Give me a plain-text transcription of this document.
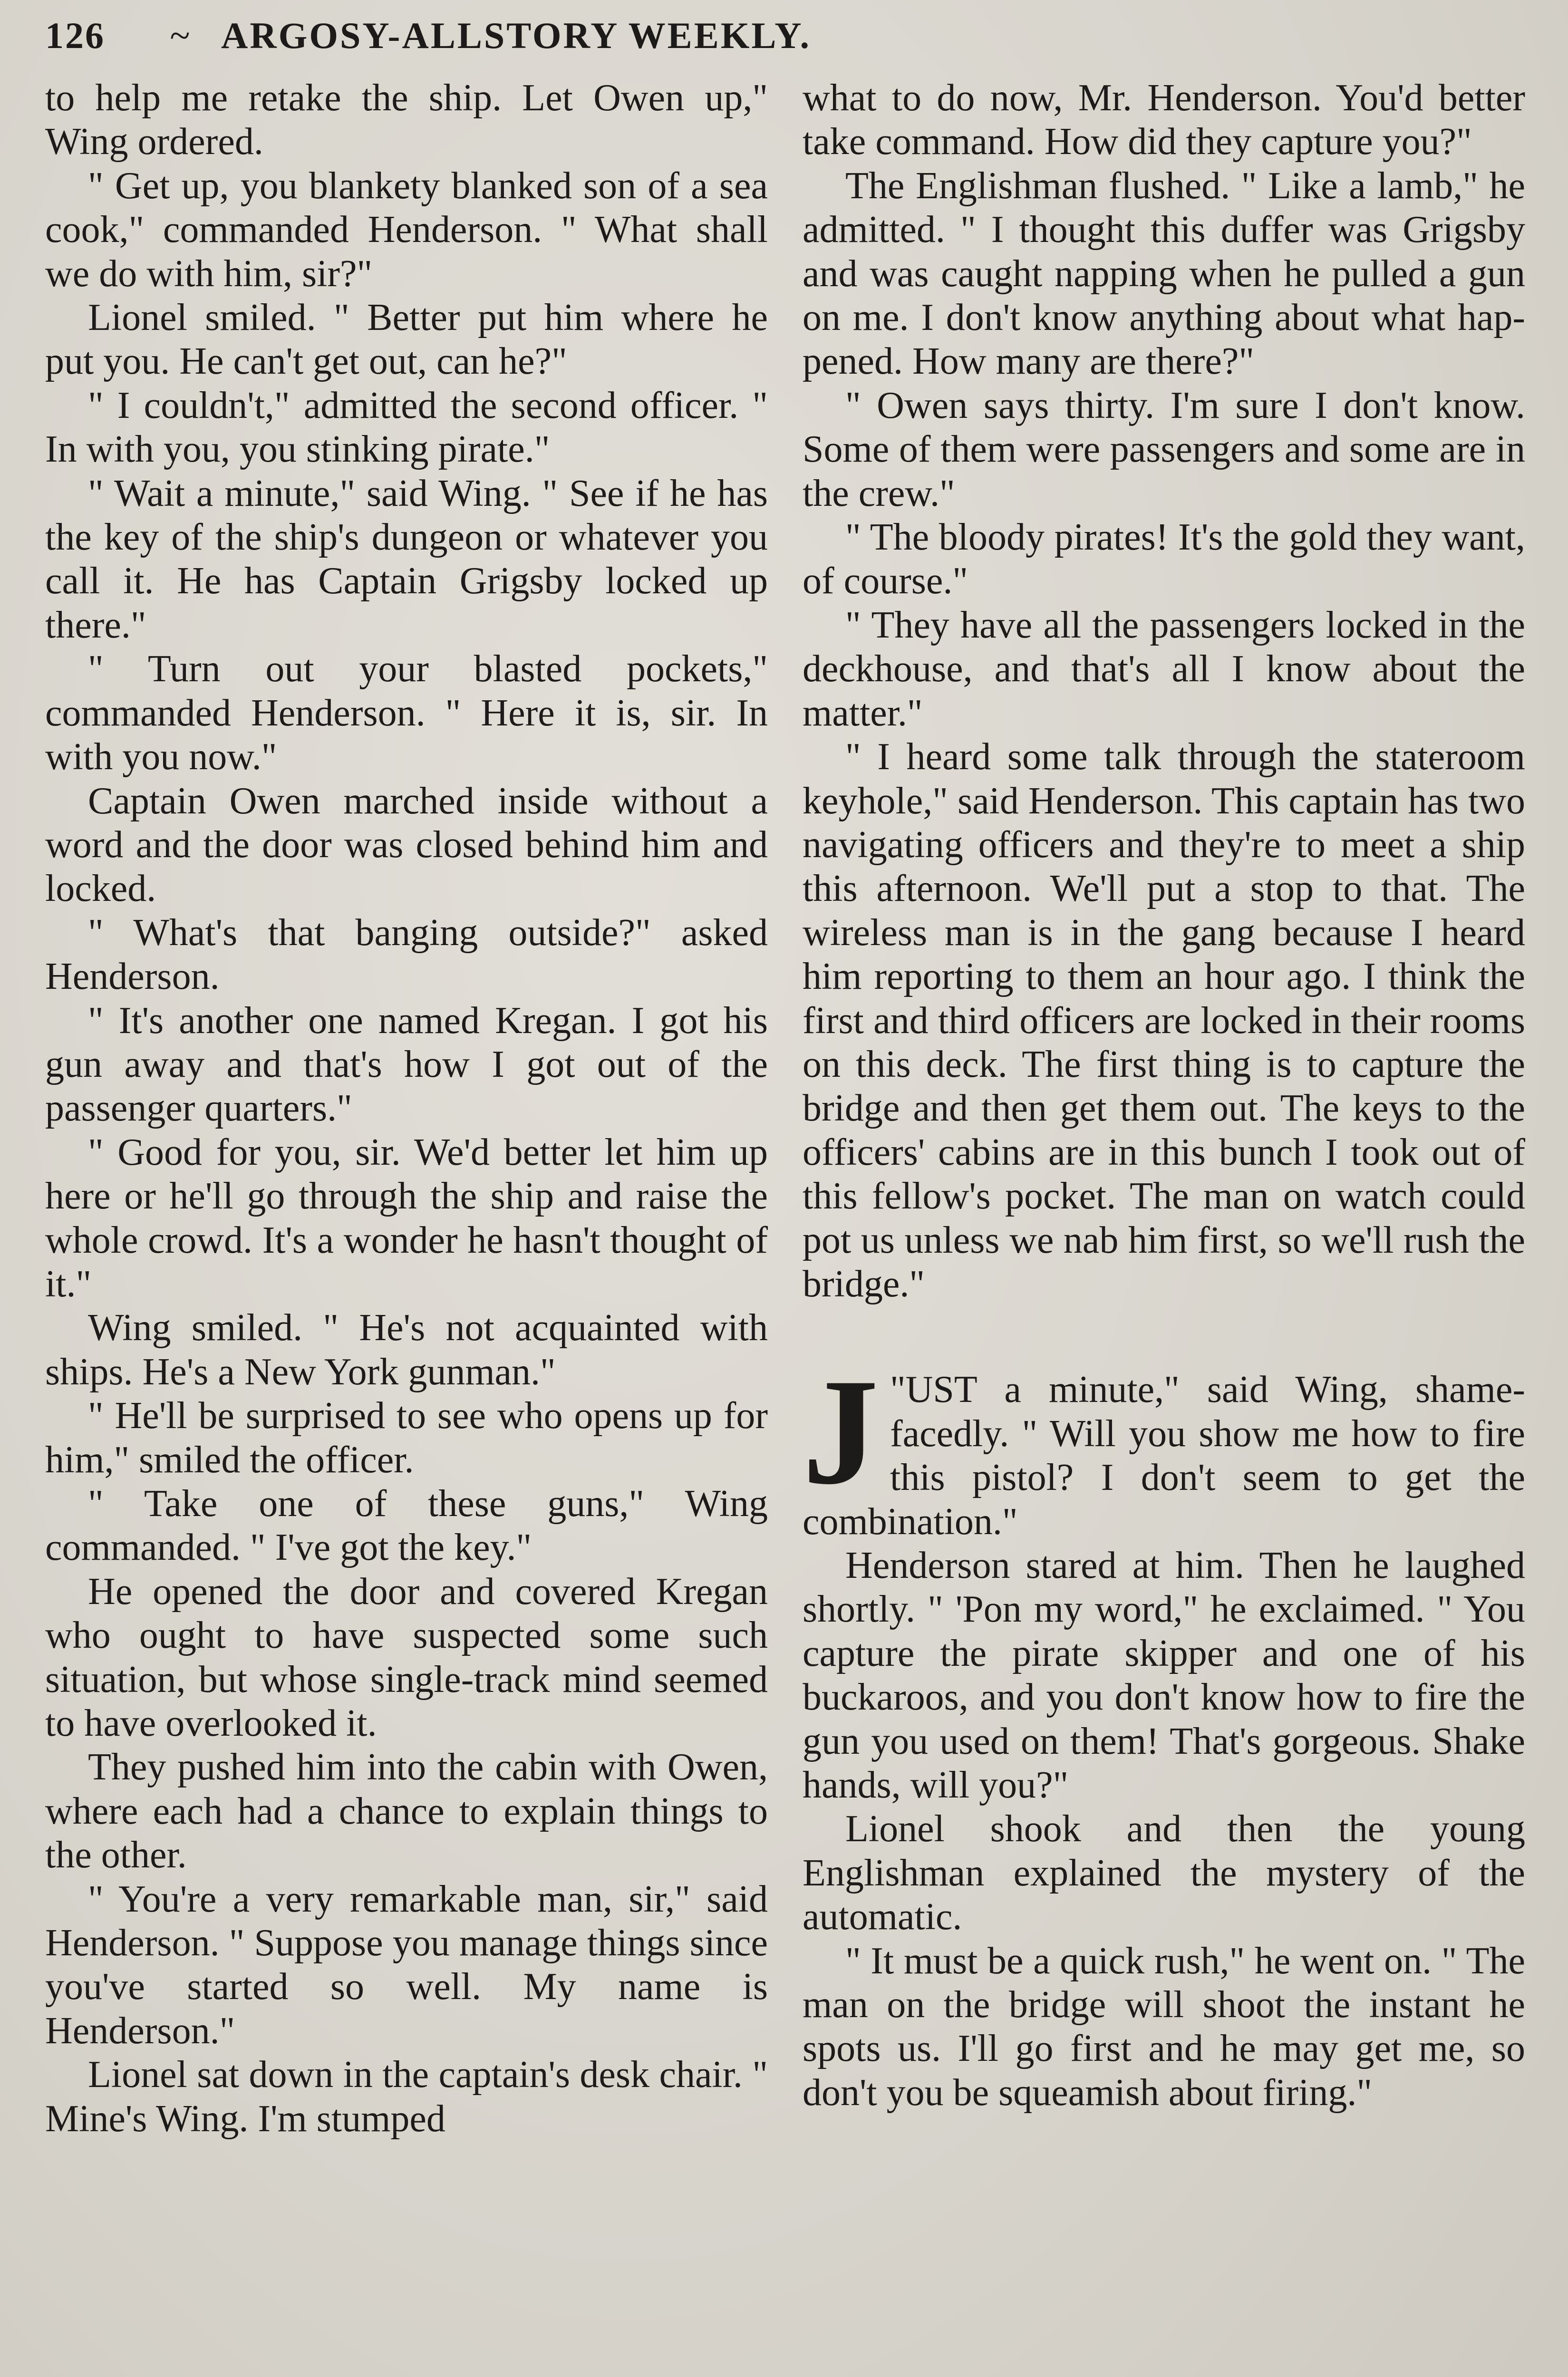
126	~ ARGOSY-ALLSTORY WEEKLY.

to help me retake the ship. Let Owen up," Wing ordered.

" Get up, you blankety blanked son of a sea cook," commanded Henderson. " What shall we do with him, sir?"

Lionel smiled. " Better put him where he put you. He can't get out, can he?"

" I couldn't," admitted the second officer. " In with you, you stinking pirate."

" Wait a minute," said Wing. " See if he has the key of the ship's dungeon or whatever you call it. He has Captain Grigsby locked up there."

" Turn out your blasted pockets," commanded Henderson. " Here it is, sir. In with you now."

Captain Owen marched inside without a word and the door was closed behind him and locked.

" What's that banging outside?" asked Henderson.

" It's another one named Kregan. I got his gun away and that's how I got out of the passenger quarters."

" Good for you, sir. We'd better let him up here or he'll go through the ship and raise the whole crowd. It's a wonder he hasn't thought of it."

Wing smiled. " He's not acquainted with ships. He's a New York gunman."

" He'll be surprised to see who opens up for him," smiled the officer.

" Take one of these guns," Wing commanded. " I've got the key."

He opened the door and covered Kregan who ought to have suspected some such situation, but whose single-track mind seemed to have overlooked it.

They pushed him into the cabin with Owen, where each had a chance to explain things to the other.

" You're a very remarkable man, sir," said Henderson. " Suppose you manage things since you've started so well. My name is Henderson."

Lionel sat down in the captain's desk chair. " Mine's Wing. I'm stumped

what to do now, Mr. Henderson. You'd better take command. How did they capture you?"

The Englishman flushed. " Like a lamb," he admitted. " I thought this duffer was Grigsby and was caught napping when he pulled a gun on me. I don't know anything about what happened. How many are there?"

" Owen says thirty. I'm sure I don't know. Some of them were passengers and some are in the crew."

" The bloody pirates! It's the gold they want, of course."

" They have all the passengers locked in the deckhouse, and that's all I know about the matter."

" I heard some talk through the stateroom keyhole," said Henderson. This captain has two navigating officers and they're to meet a ship this afternoon. We'll put a stop to that. The wireless man is in the gang because I heard him reporting to them an hour ago. I think the first and third officers are locked in their rooms on this deck. The first thing is to capture the bridge and then get them out. The keys to the officers' cabins are in this bunch I took out of this fellow's pocket. The man on watch could pot us unless we nab him first, so we'll rush the bridge."

"
J UST a minute," said Wing, shamefacedly. " Will you show me how to fire this pistol? I don't seem to get the combination."

Henderson stared at him. Then he laughed shortly. " 'Pon my word," he exclaimed. " You capture the pirate skipper and one of his buckaroos, and you don't know how to fire the gun you used on them! That's gorgeous. Shake hands, will you?"

Lionel shook and then the young Englishman explained the mystery of the automatic.

" It must be a quick rush," he went on. " The man on the bridge will shoot the instant he spots us. I'll go first and he may get me, so don't you be squeamish about firing."
